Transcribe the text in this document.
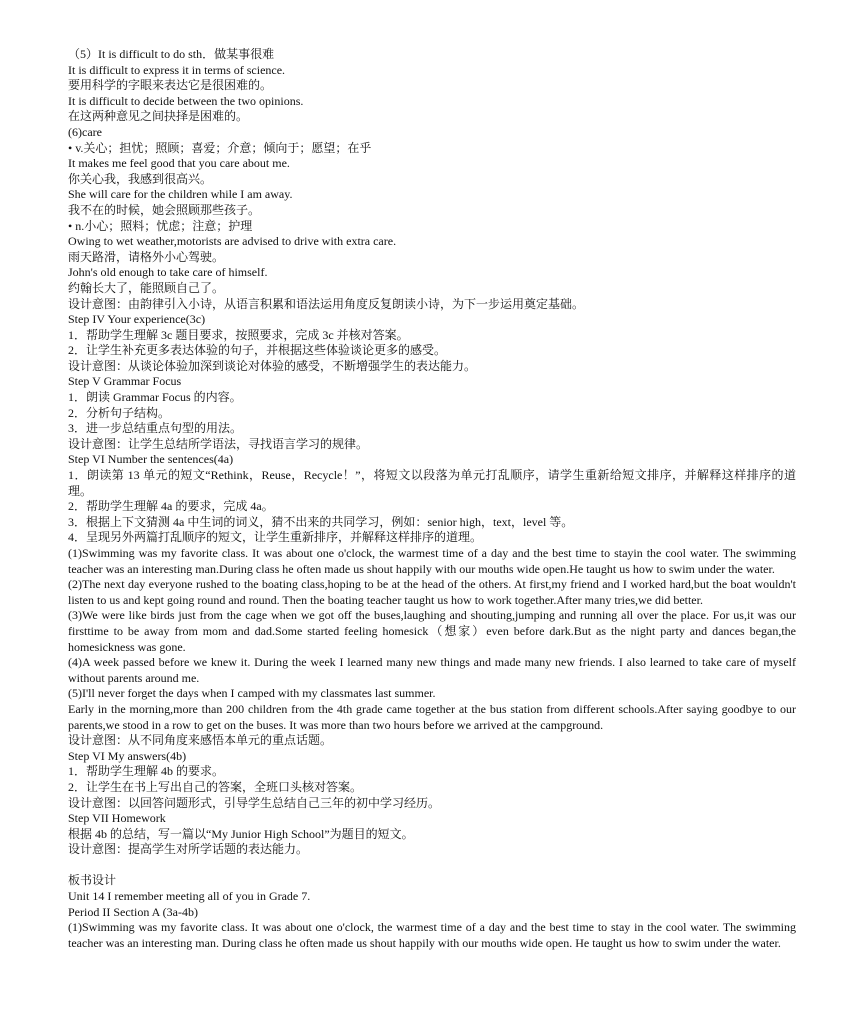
（5）It is difficult to do sth．做某事很难

It is difficult to express it in terms of science.

要用科学的字眼来表达它是很困难的。

It is difficult to decide between the two opinions.

在这两种意见之间抉择是困难的。

(6)care

• v.关心；担忧；照顾；喜爱；介意；倾向于；愿望；在乎

It makes me feel good that you care about me.

你关心我，我感到很高兴。

She will care for the children while I am away.

我不在的时候，她会照顾那些孩子。

• n.小心；照料；忧虑；注意；护理

Owing to wet weather,motorists are advised to drive with extra care.

雨天路滑，请格外小心驾驶。

John's old enough to take care of himself.

约翰长大了，能照顾自己了。

设计意图：由韵律引入小诗，从语言积累和语法运用角度反复朗读小诗，为下一步运用奠定基础。

Step IV Your experience(3c)

1．帮助学生理解 3c 题目要求，按照要求，完成 3c 并核对答案。

2．让学生补充更多表达体验的句子，并根据这些体验谈论更多的感受。

设计意图：从谈论体验加深到谈论对体验的感受，不断增强学生的表达能力。

Step V Grammar Focus

1．朗读 Grammar Focus 的内容。

2．分析句子结构。

3．进一步总结重点句型的用法。

设计意图：让学生总结所学语法，寻找语言学习的规律。

Step VI Number the sentences(4a)

1．朗读第 13 单元的短文“Rethink，Reuse，Recycle！”，将短文以段落为单元打乱顺序，请学生重新给短文排序，并解释这样排序的道理。

2．帮助学生理解 4a 的要求，完成 4a。

3．根据上下文猜测 4a 中生词的词义，猜不出来的共同学习，例如：senior high，text，level 等。

4．呈现另外两篇打乱顺序的短文，让学生重新排序，并解释这样排序的道理。

(1)Swimming was my favorite class. It was about one o'clock, the warmest time of a day and the best time to stayin the cool water. The swimming teacher was an interesting man.During class he often made us shout happily with our mouths wide open.He taught us how to swim under the water.

(2)The next day everyone rushed to the boating class,hoping to be at the head of the others. At first,my friend and I worked hard,but the boat wouldn't listen to us and kept going round and round. Then the boating teacher taught us how to work together.After many tries,we did better.

(3)We were like birds just from the cage when we got off the buses,laughing and shouting,jumping and running all over the place. For us,it was our firsttime to be away from mom and dad.Some started feeling homesick（想家）even before dark.But as the night party and dances began,the homesickness was gone.

(4)A week passed before we knew it. During the week I learned many new things and made many new friends. I also learned to take care of myself without parents around me.

(5)I'll never forget the days when I camped with my classmates last summer.

Early in the morning,more than 200 children from the 4th grade came together at the bus station from different schools.After saying goodbye to our parents,we stood in a row to get on the buses. It was more than two hours before we arrived at the campground.

设计意图：从不同角度来感悟本单元的重点话题。

Step VI My answers(4b)

1．帮助学生理解 4b 的要求。

2．让学生在书上写出自己的答案，全班口头核对答案。

设计意图：以回答问题形式，引导学生总结自己三年的初中学习经历。

Step VII Homework

根据 4b 的总结，写一篇以“My Junior High School”为题目的短文。

设计意图：提高学生对所学话题的表达能力。

板书设计

Unit 14 I remember meeting all of you in Grade 7.

Period II Section A (3a-4b)

(1)Swimming was my favorite class. It was about one o'clock, the warmest time of a day and the best time to stay in the cool water. The swimming teacher was an interesting man. During class he often made us shout happily with our mouths wide open. He taught us how to swim under the water.
